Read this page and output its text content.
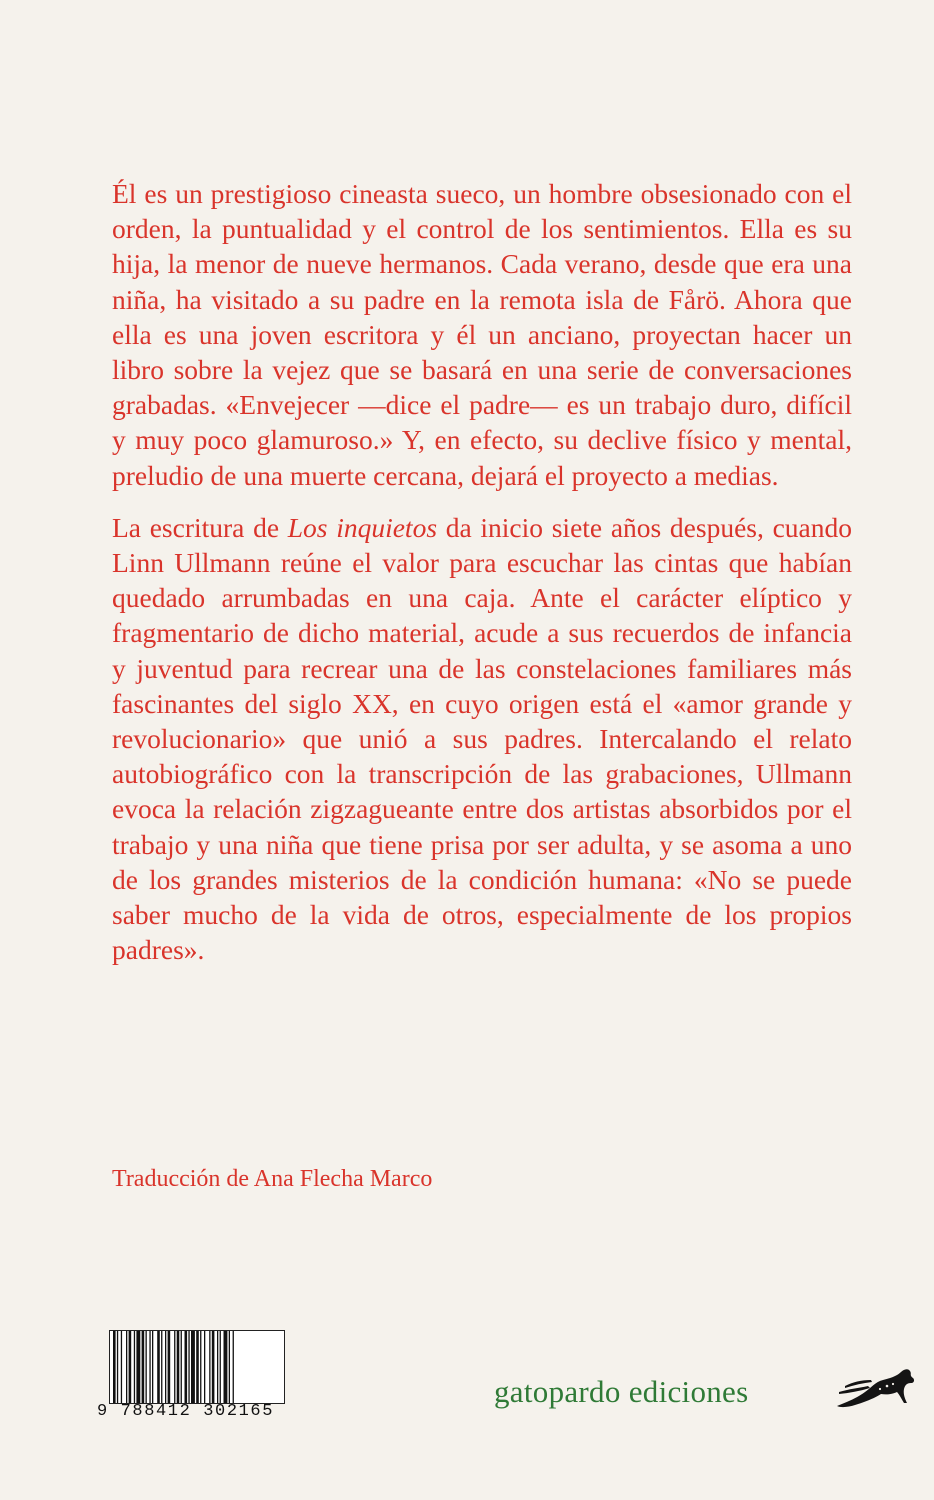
Él es un prestigioso cineasta sueco, un hombre obsesionado con el orden, la puntualidad y el control de los sentimientos. Ella es su hija, la menor de nueve hermanos. Cada verano, desde que era una niña, ha visitado a su padre en la remota isla de Fårö. Ahora que ella es una joven escritora y él un anciano, proyectan hacer un libro sobre la vejez que se basará en una serie de conversaciones grabadas. «Envejecer —dice el padre— es un trabajo duro, difícil y muy poco glamuroso.» Y, en efecto, su declive físico y mental, preludio de una muerte cercana, dejará el proyecto a medias.

La escritura de Los inquietos da inicio siete años después, cuando Linn Ullmann reúne el valor para escuchar las cintas que habían quedado arrumbadas en una caja. Ante el carácter elíptico y fragmentario de dicho material, acude a sus recuerdos de infancia y juventud para recrear una de las constelaciones familiares más fascinantes del siglo XX, en cuyo origen está el «amor grande y revolucionario» que unió a sus padres. Intercalando el relato autobiográfico con la transcripción de las grabaciones, Ullmann evoca la relación zigzagueante entre dos artistas absorbidos por el trabajo y una niña que tiene prisa por ser adulta, y se asoma a uno de los grandes misterios de la condición humana: «No se puede saber mucho de la vida de otros, especialmente de los propios padres».

Traducción de Ana Flecha Marco
9 788412 302165
gatopardo ediciones
